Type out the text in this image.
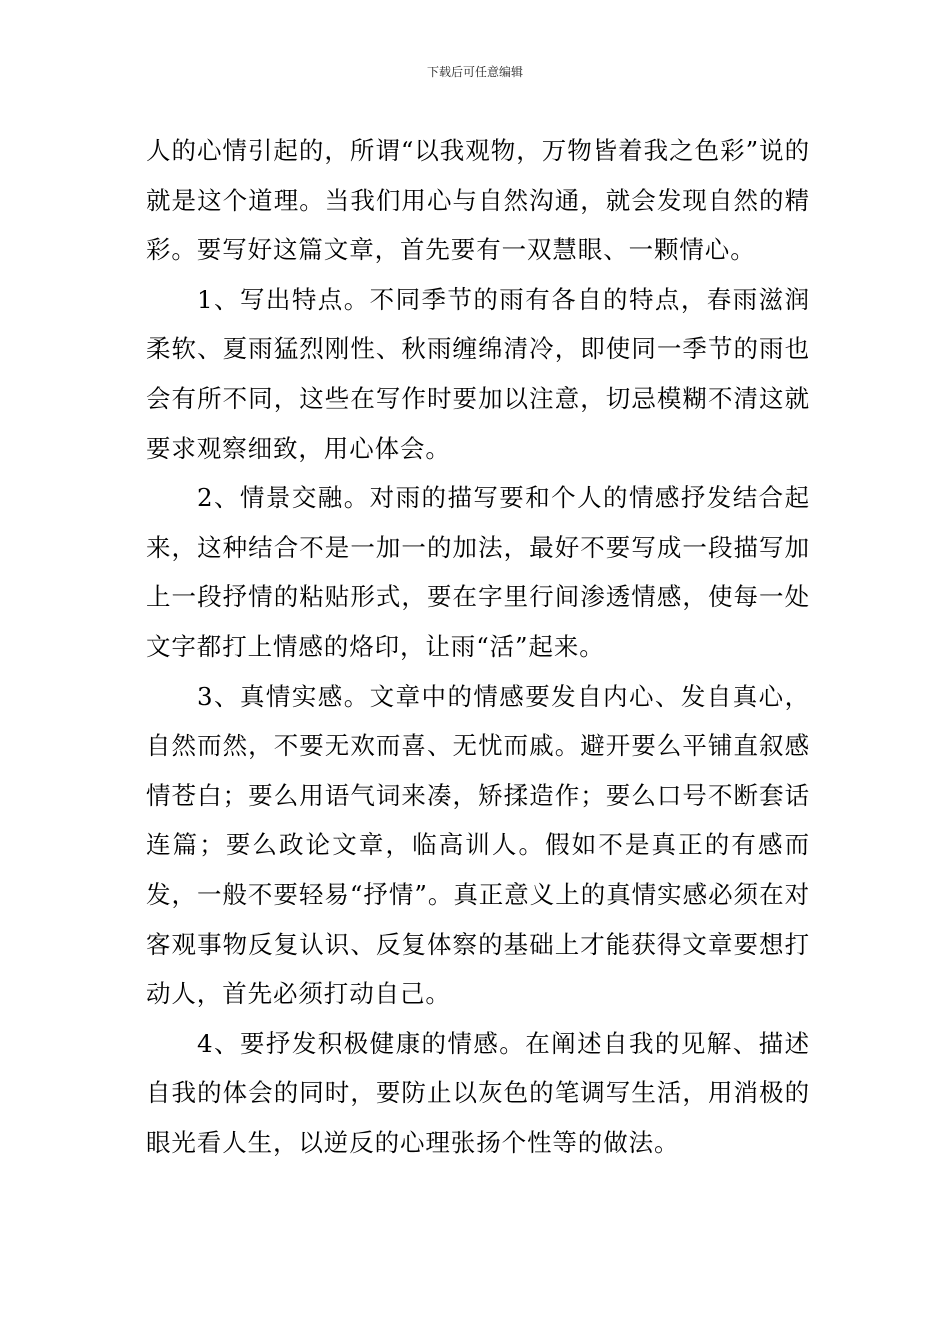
下载后可任意编辑

人的心情引起的，所谓“以我观物，万物皆着我之色彩”说的就是这个道理。当我们用心与自然沟通，就会发现自然的精彩。要写好这篇文章，首先要有一双慧眼、一颗情心。

1、写出特点。不同季节的雨有各自的特点，春雨滋润柔软、夏雨猛烈刚性、秋雨缠绵清冷，即使同一季节的雨也会有所不同，这些在写作时要加以注意，切忌模糊不清这就要求观察细致，用心体会。

2、情景交融。对雨的描写要和个人的情感抒发结合起来，这种结合不是一加一的加法，最好不要写成一段描写加上一段抒情的粘贴形式，要在字里行间渗透情感，使每一处文字都打上情感的烙印，让雨“活”起来。

3、真情实感。文章中的情感要发自内心、发自真心，自然而然，不要无欢而喜、无忧而戚。避开要么平铺直叙感情苍白；要么用语气词来凑，矫揉造作；要么口号不断套话连篇；要么政论文章，临高训人。假如不是真正的有感而发，一般不要轻易“抒情”。真正意义上的真情实感必须在对客观事物反复认识、反复体察的基础上才能获得文章要想打动人，首先必须打动自己。

4、要抒发积极健康的情感。在阐述自我的见解、描述自我的体会的同时，要防止以灰色的笔调写生活，用消极的眼光看人生，以逆反的心理张扬个性等的做法。
